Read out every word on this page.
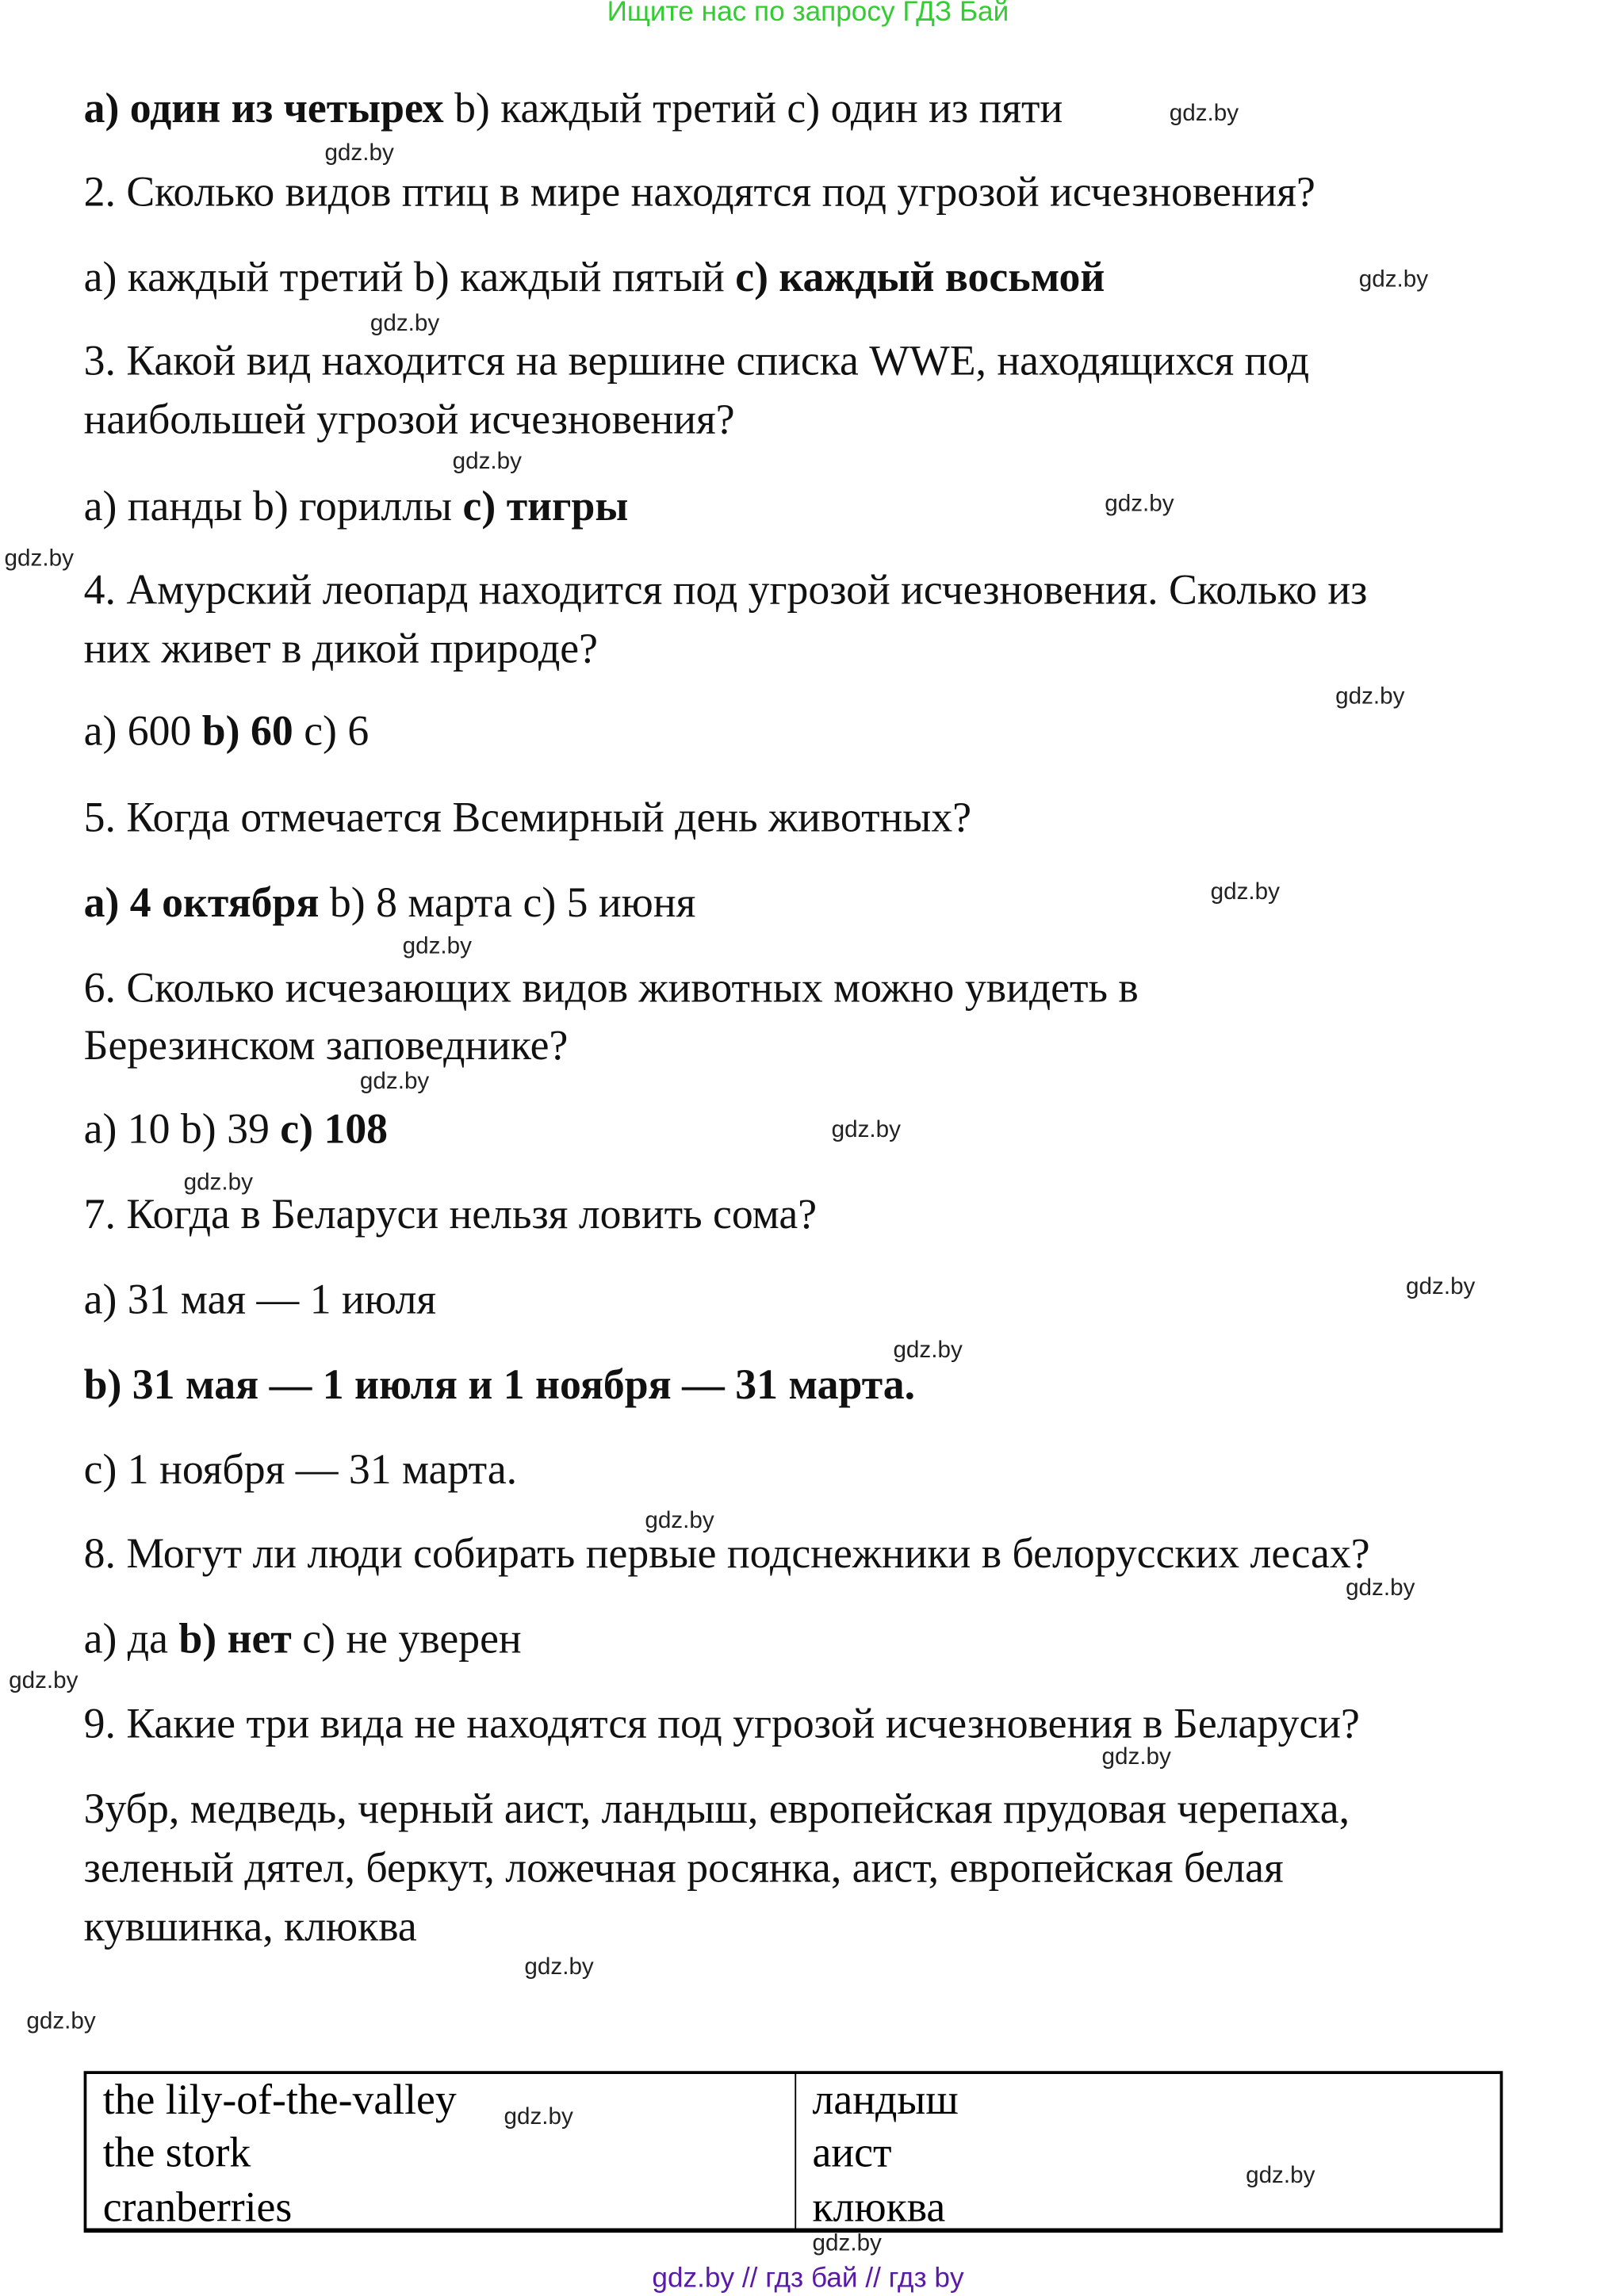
Ищите нас по запросу ГДЗ Бай
a) один из четырех b) каждый третий c) один из пяти
2. Сколько видов птиц в мире находятся под угрозой исчезновения?
a) каждый третий b) каждый пятый c) каждый восьмой
3. Какой вид находится на вершине списка WWE, находящихся под
наибольшей угрозой исчезновения?
a) панды b) гориллы c) тигры
4. Амурский леопард находится под угрозой исчезновения. Сколько из
них живет в дикой природе?
a) 600 b) 60 c) 6
5. Когда отмечается Всемирный день животных?
a) 4 октября b) 8 марта c) 5 июня
6. Сколько исчезающих видов животных можно увидеть в
Березинском заповеднике?
a) 10 b) 39 c) 108
7. Когда в Беларуси нельзя ловить сома?
a) 31 мая — 1 июля
b) 31 мая — 1 июля и 1 ноября — 31 марта.
c) 1 ноября — 31 марта.
8. Могут ли люди собирать первые подснежники в белорусских лесах?
a) да b) нет c) не уверен
9. Какие три вида не находятся под угрозой исчезновения в Беларуси?
Зубр, медведь, черный аист, ландыш, европейская прудовая черепаха,
зеленый дятел, беркут, ложечная росянка, аист, европейская белая
кувшинка, клюква
gdz.by
gdz.by
gdz.by
gdz.by
gdz.by
gdz.by
gdz.by
gdz.by
gdz.by
gdz.by
gdz.by
gdz.by
gdz.by
gdz.by
gdz.by
gdz.by
gdz.by
gdz.by
gdz.by
gdz.by
gdz.by
gdz.by
gdz.by
gdz.by
the lily-of-the-valley	ландыш
the stork	аист
cranberries	клюква
gdz.by // гдз бай // гдз by
